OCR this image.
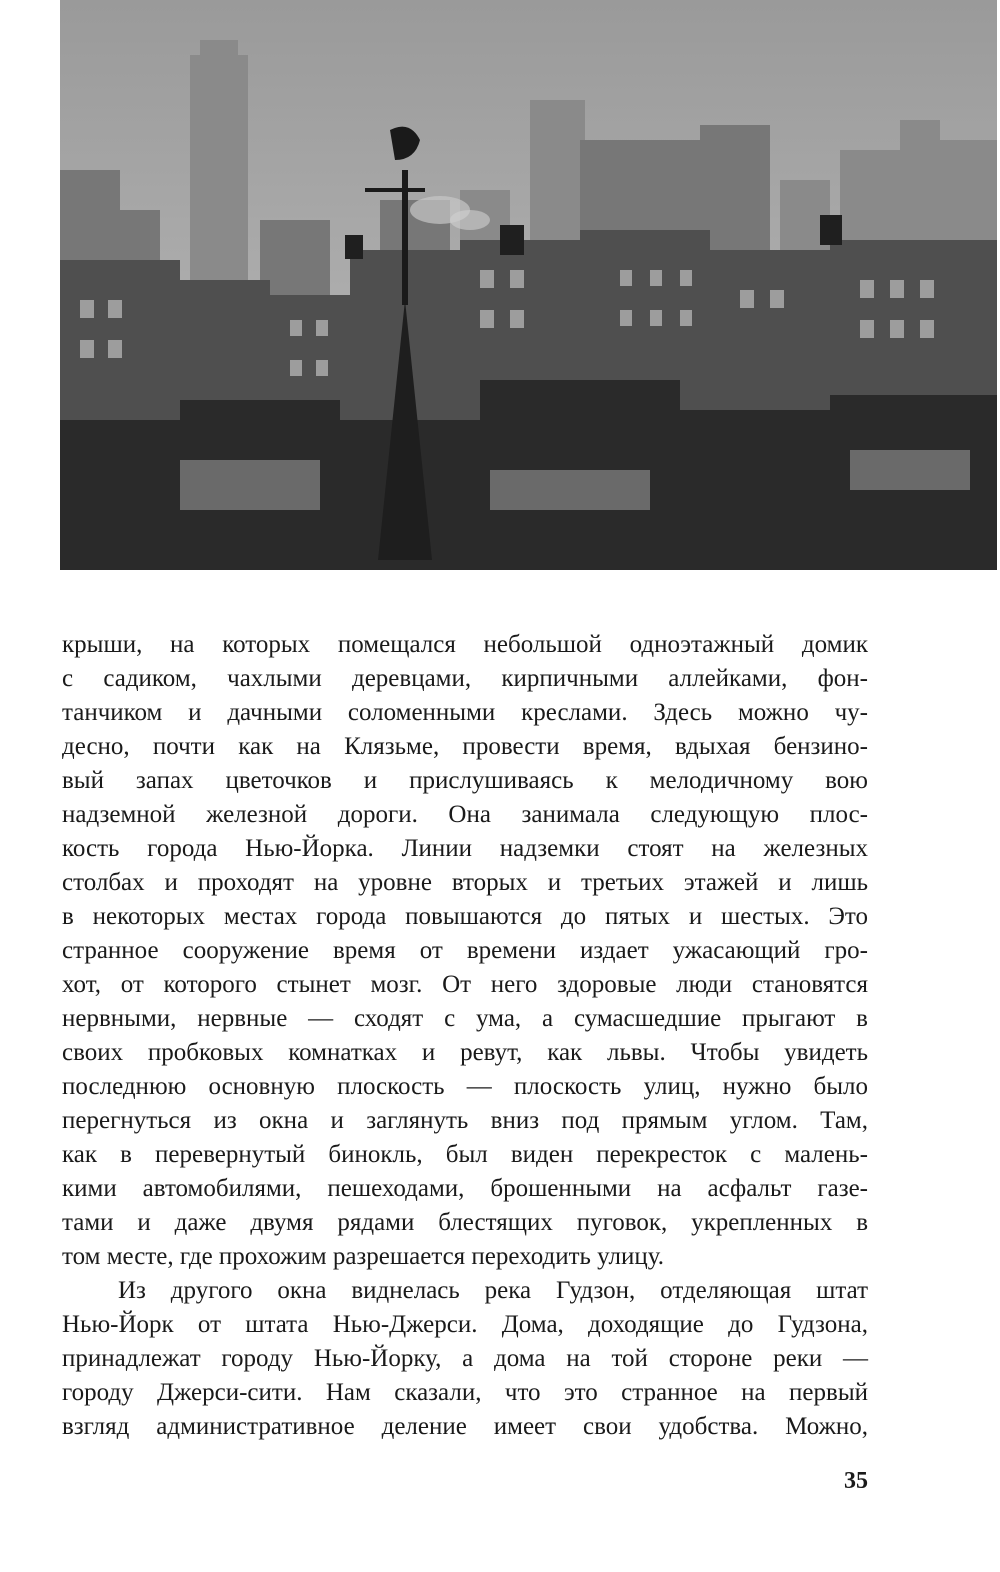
крыши, на которых помещался небольшой одноэтажный домик
с садиком, чахлыми деревцами, кирпичными аллейками, фон-
танчиком и дачными соломенными креслами. Здесь можно чу-
десно, почти как на Клязьме, провести время, вдыхая бензино-
вый запах цветочков и прислушиваясь к мелодичному вою
надземной железной дороги. Она занимала следующую плос-
кость города Нью-Йорка. Линии надземки стоят на железных
столбах и проходят на уровне вторых и третьих этажей и лишь
в некоторых местах города повышаются до пятых и шестых. Это
странное сооружение время от времени издает ужасающий гро-
хот, от которого стынет мозг. От него здоровые люди становятся
нервными, нервные — сходят с ума, а сумасшедшие прыгают в
своих пробковых комнатках и ревут, как львы. Чтобы увидеть
последнюю основную плоскость — плоскость улиц, нужно было
перегнуться из окна и заглянуть вниз под прямым углом. Там,
как в перевернутый бинокль, был виден перекресток с малень-
кими автомобилями, пешеходами, брошенными на асфальт газе-
тами и даже двумя рядами блестящих пуговок, укрепленных в
том месте, где прохожим разрешается переходить улицу.
Из другого окна виднелась река Гудзон, отделяющая штат
Нью-Йорк от штата Нью-Джерси. Дома, доходящие до Гудзона,
принадлежат городу Нью-Йорку, а дома на той стороне реки —
городу Джерси-сити. Нам сказали, что это странное на первый
взгляд административное деление имеет свои удобства. Можно,
35
